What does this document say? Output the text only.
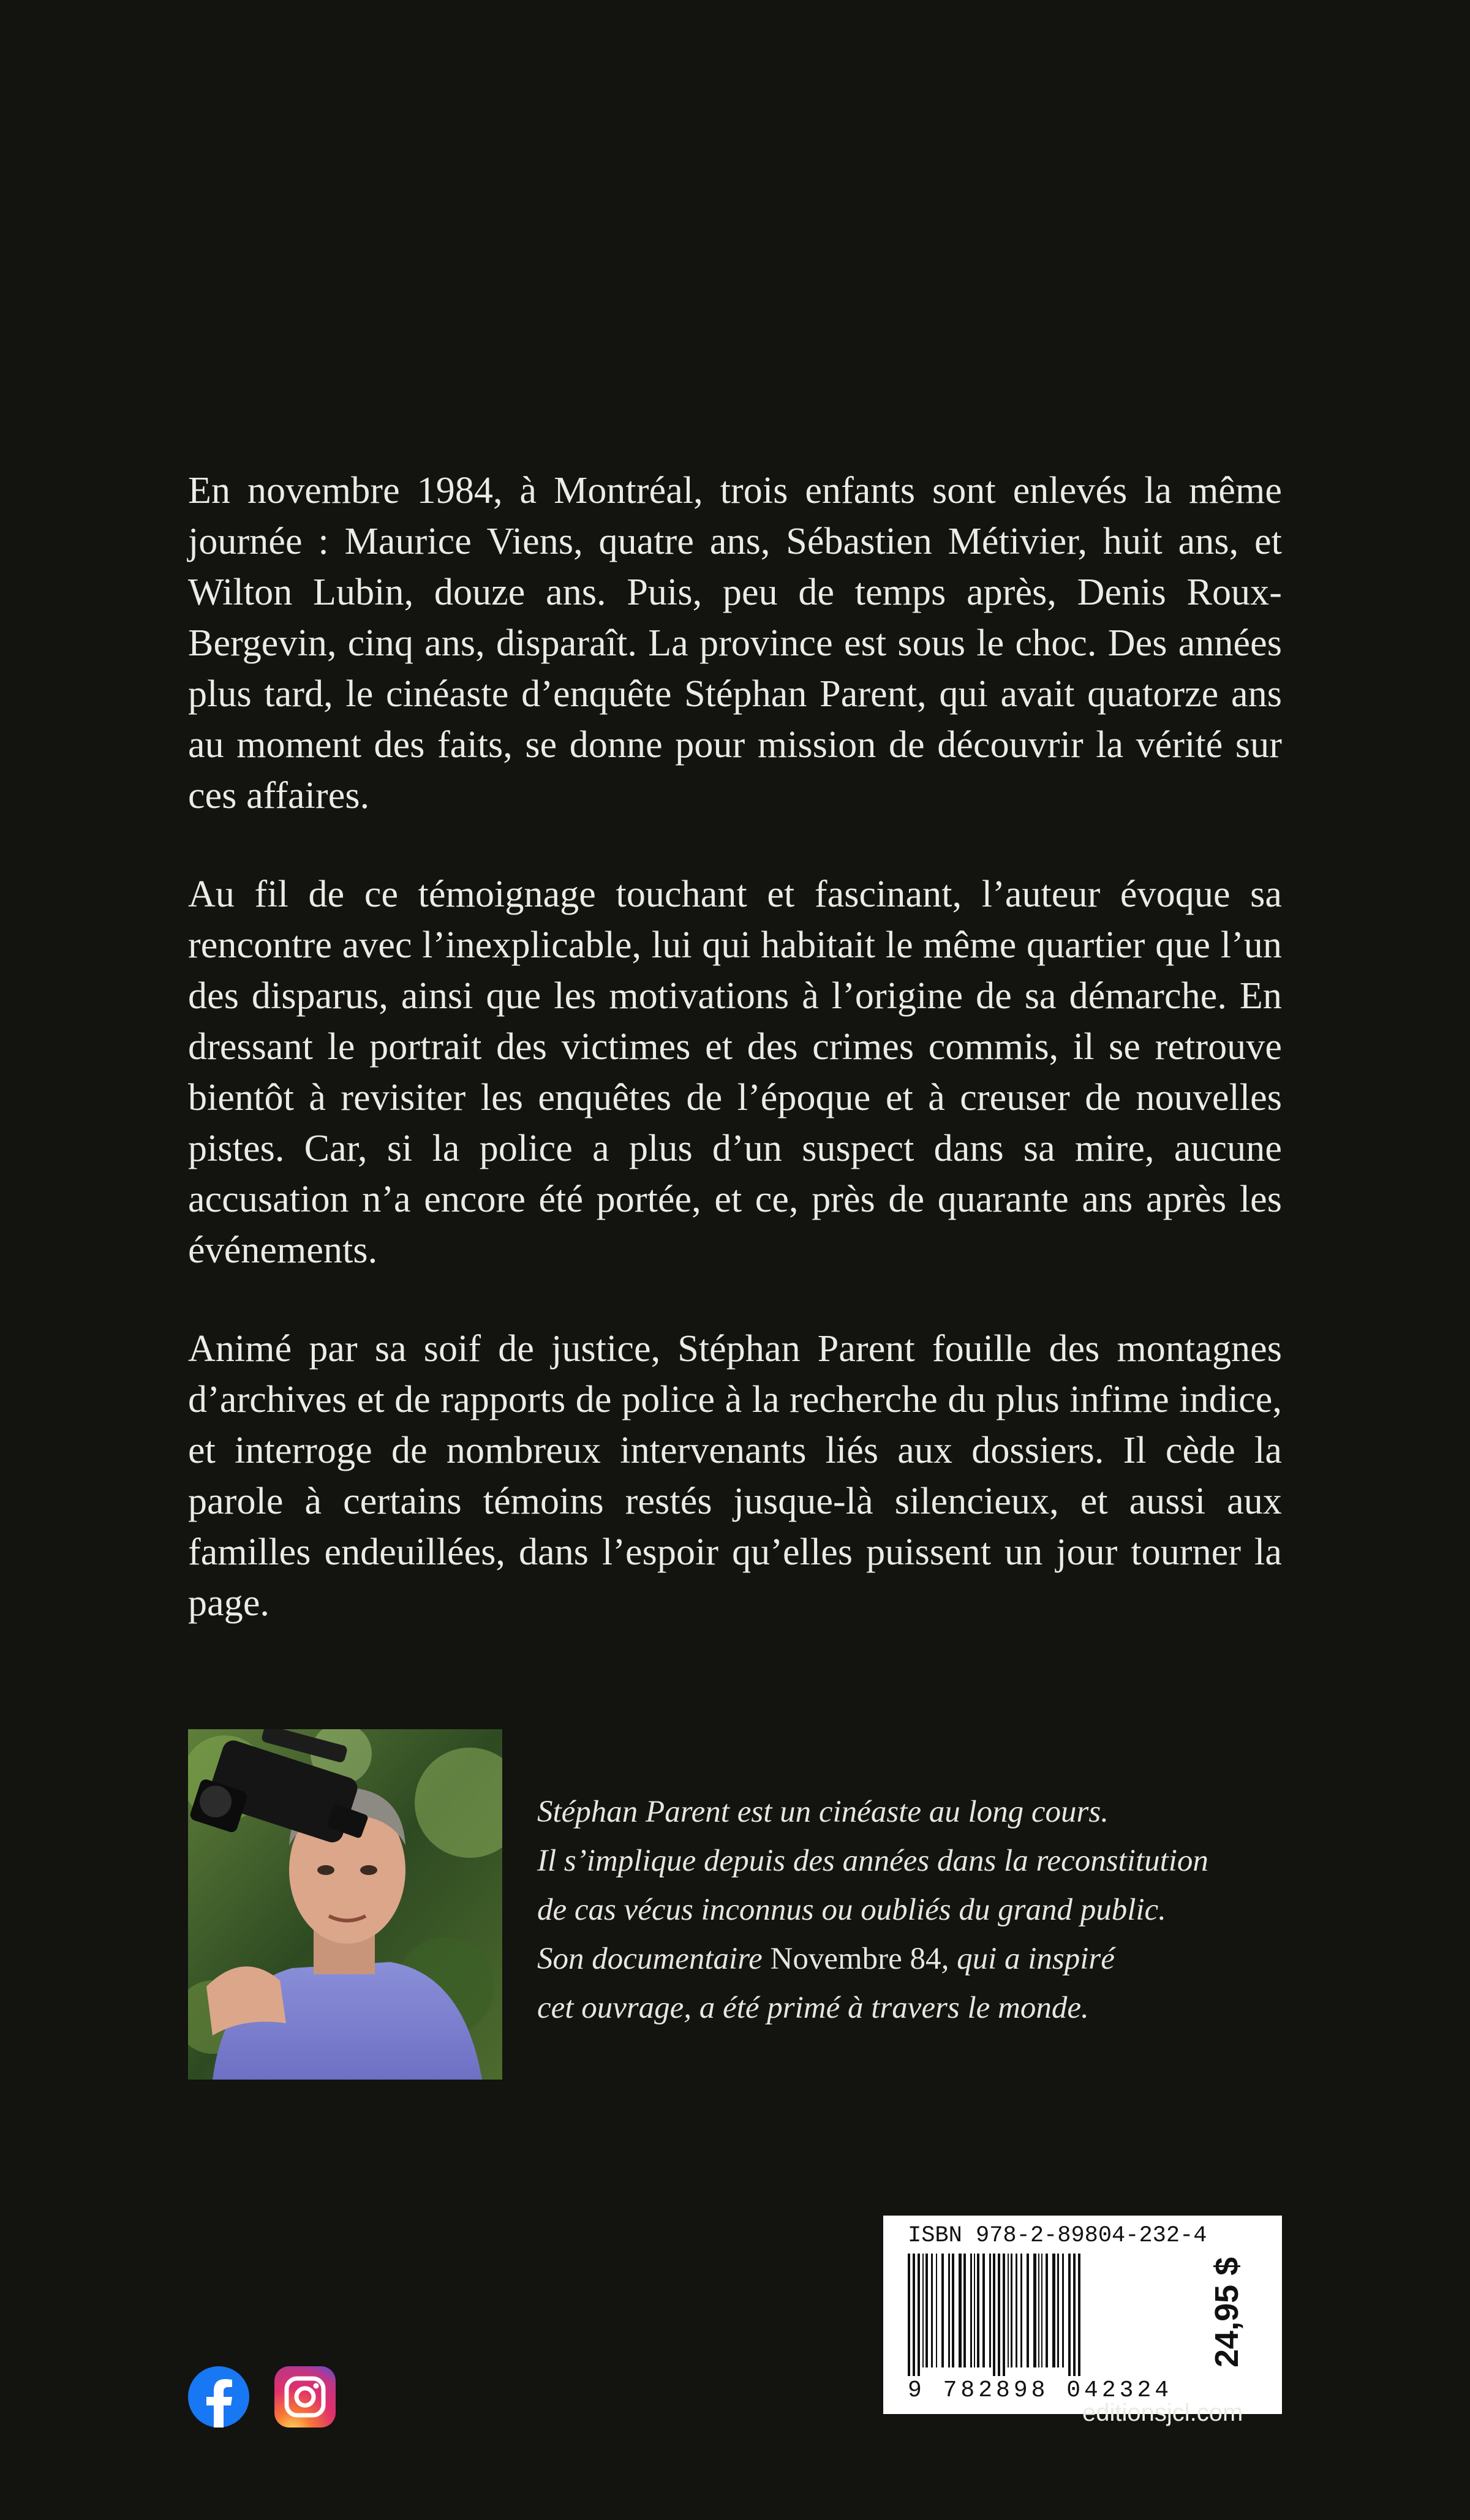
En novembre 1984, à Montréal, trois enfants sont enlevés la même journée : Maurice Viens, quatre ans, Sébastien Métivier, huit ans, et Wilton Lubin, douze ans. Puis, peu de temps après, Denis Roux-Bergevin, cinq ans, disparaît. La province est sous le choc. Des années plus tard, le cinéaste d’enquête Stéphan Parent, qui avait quatorze ans au moment des faits, se donne pour mission de découvrir la vérité sur ces affaires.

Au fil de ce témoignage touchant et fascinant, l’auteur évoque sa rencontre avec l’inexplicable, lui qui habitait le même quartier que l’un des disparus, ainsi que les motivations à l’origine de sa démarche. En dressant le portrait des victimes et des crimes commis, il se retrouve bientôt à revisiter les enquêtes de l’époque et à creuser de nouvelles pistes. Car, si la police a plus d’un suspect dans sa mire, aucune accusation n’a encore été portée, et ce, près de quarante ans après les événements.

Animé par sa soif de justice, Stéphan Parent fouille des montagnes d’archives et de rapports de police à la recherche du plus infime indice, et interroge de nombreux intervenants liés aux dossiers. Il cède la parole à certains témoins restés jusque-là silencieux, et aussi aux familles endeuillées, dans l’espoir qu’elles puissent un jour tourner la page.

Stéphan Parent est un cinéaste au long cours.
Il s’implique depuis des années dans la reconstitution
de cas vécus inconnus ou oubliés du grand public.
Son documentaire Novembre 84, qui a inspiré
cet ouvrage, a été primé à travers le monde.
ISBN 978-2-89804-232-4
9 782898 042324
24,95 $
editionsjcl.com
